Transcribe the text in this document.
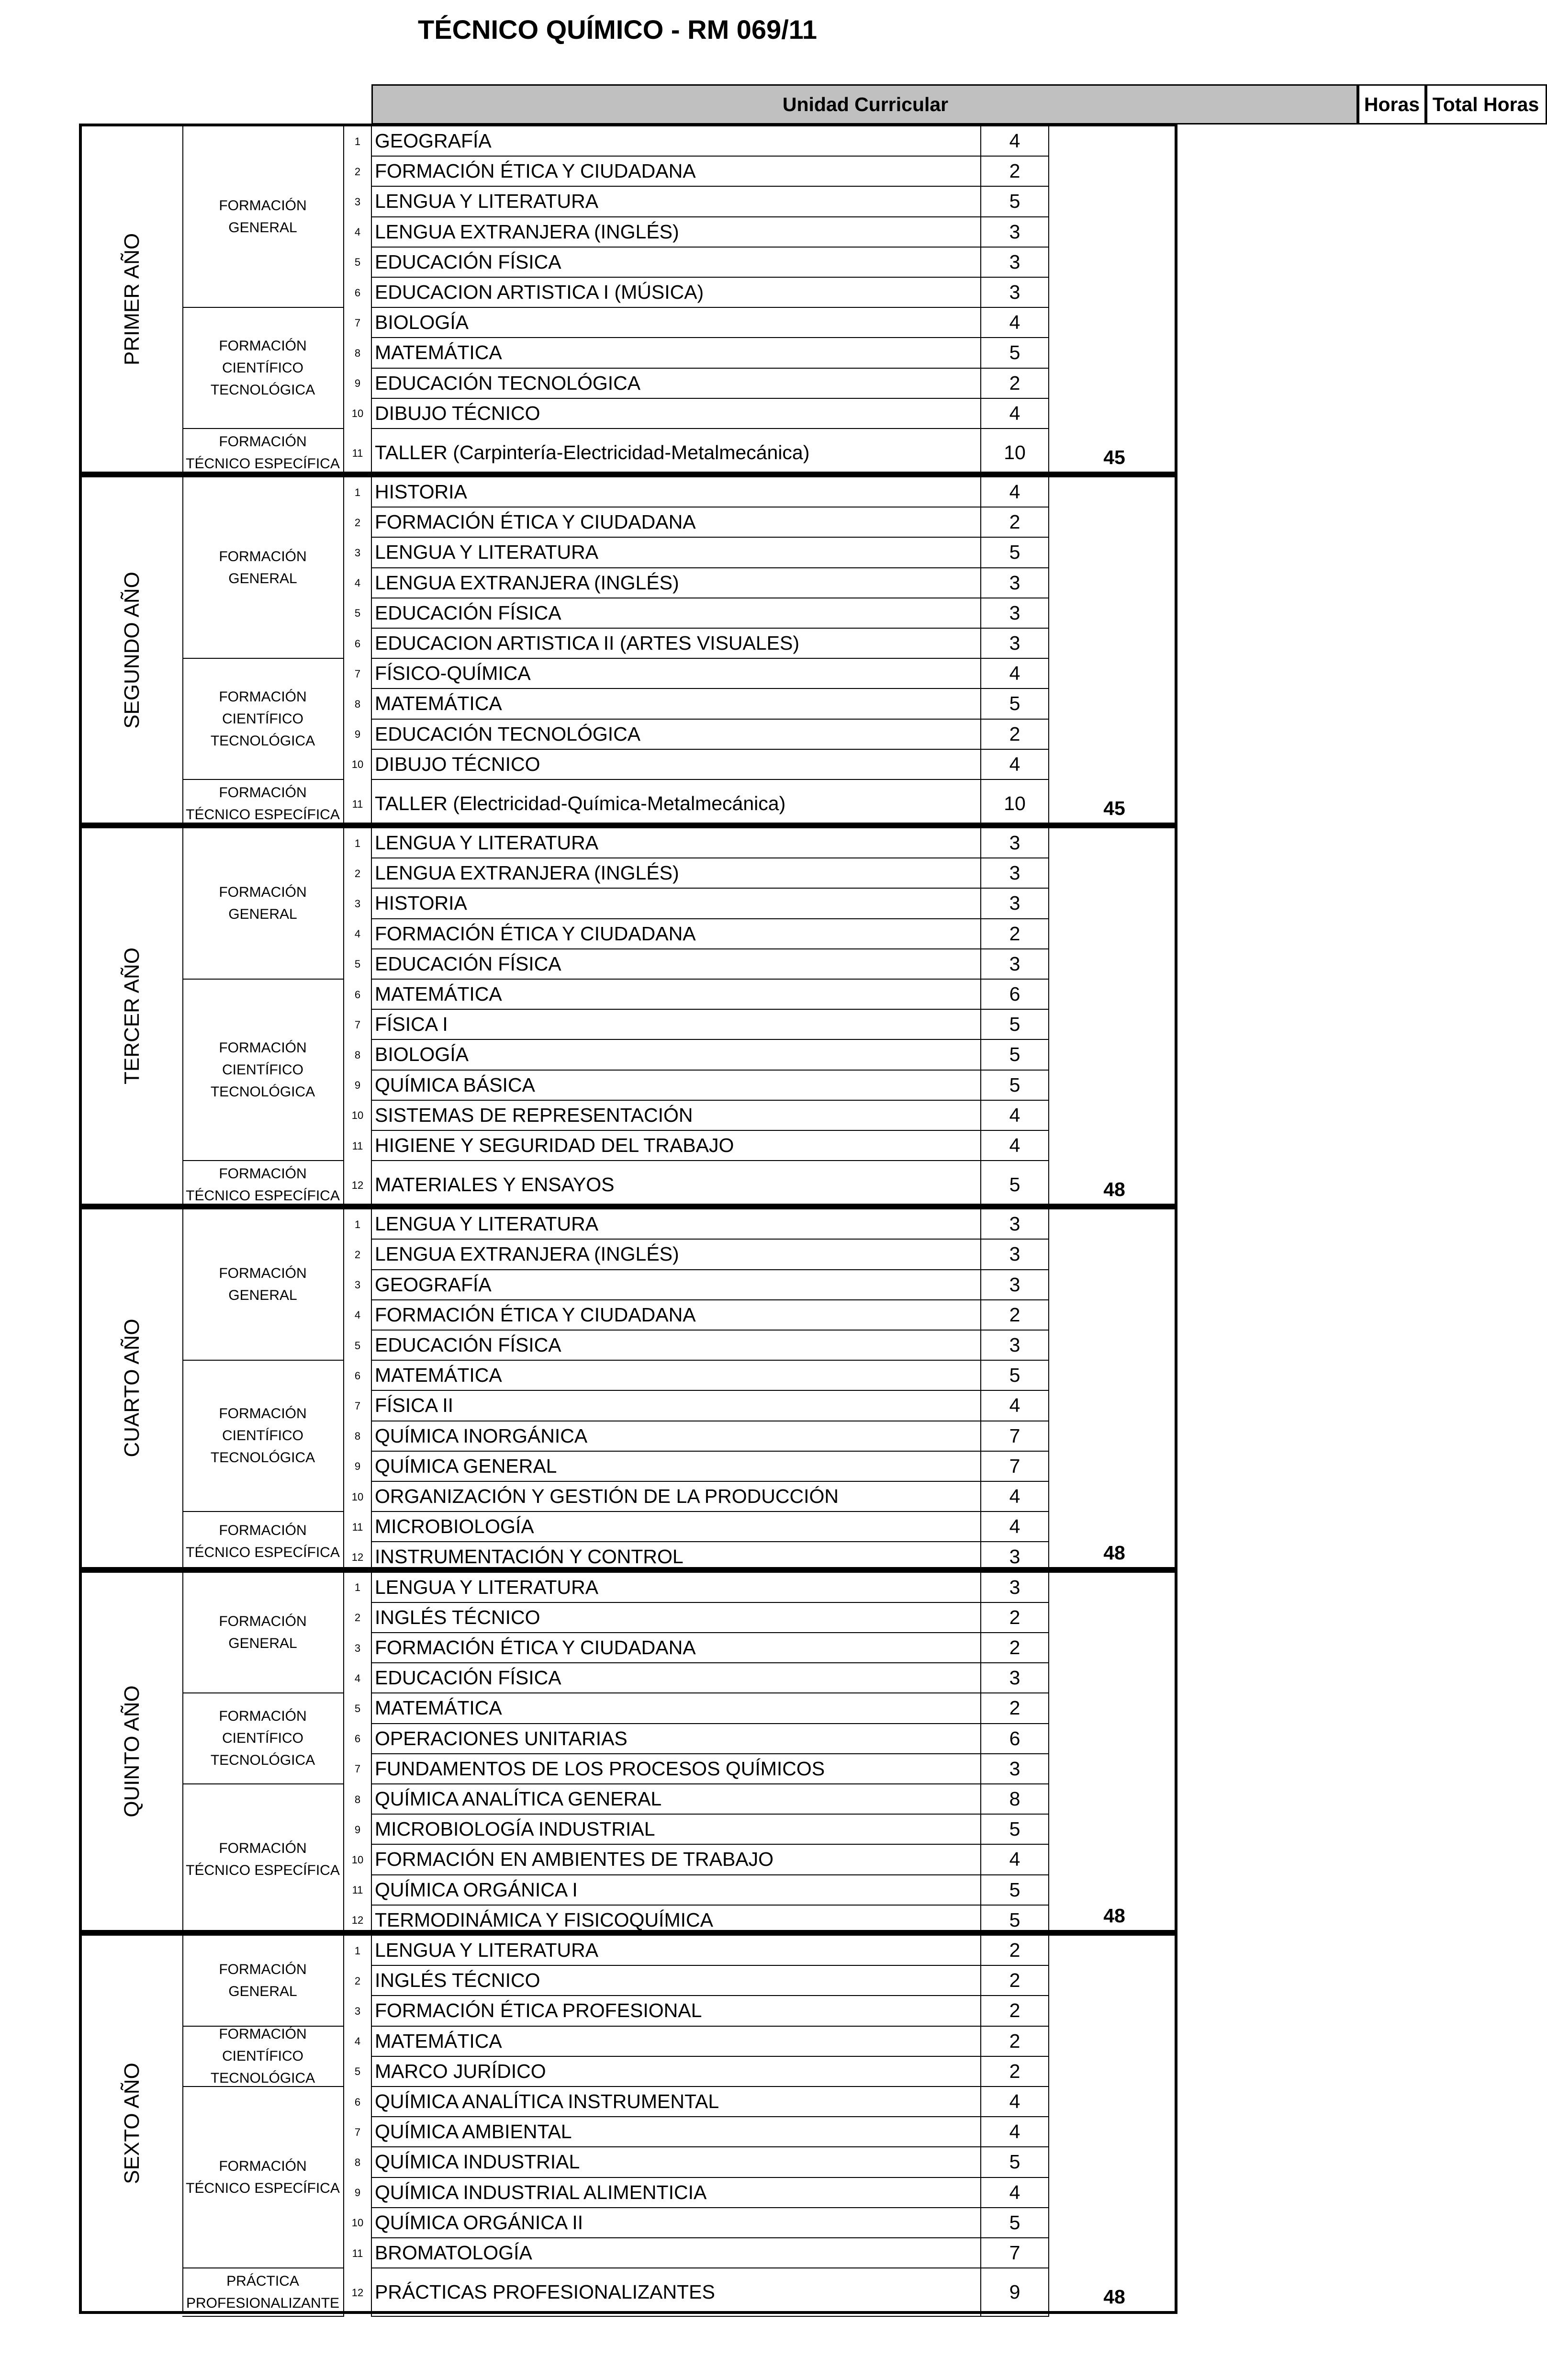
TÉCNICO QUÍMICO - RM 069/11
Unidad Curricular	Horas Total Horas
PRIMER AÑO
FORMACIÓN GENERAL
1 GEOGRAFÍA	4
2 FORMACIÓN ÉTICA Y CIUDADANA	2
3 LENGUA Y LITERATURA	5
4 LENGUA EXTRANJERA (INGLÉS)	3
5 EDUCACIÓN FÍSICA	3
6 EDUCACION ARTISTICA I (MÚSICA)	3
FORMACIÓN CIENTÍFICO TECNOLÓGICA
7 BIOLOGÍA	4
8 MATEMÁTICA	5
9 EDUCACIÓN TECNOLÓGICA	2
10 DIBUJO TÉCNICO	4
FORMACIÓN TÉCNICO ESPECÍFICA
11 TALLER (Carpintería-Electricidad-Metalmecánica)	10	45
SEGUNDO AÑO
FORMACIÓN GENERAL
1 HISTORIA	4
2 FORMACIÓN ÉTICA Y CIUDADANA	2
3 LENGUA Y LITERATURA	5
4 LENGUA EXTRANJERA (INGLÉS)	3
5 EDUCACIÓN FÍSICA	3
6 EDUCACION ARTISTICA II (ARTES VISUALES)	3
FORMACIÓN CIENTÍFICO TECNOLÓGICA
7 FÍSICO-QUÍMICA	4
8 MATEMÁTICA	5
9 EDUCACIÓN TECNOLÓGICA	2
10 DIBUJO TÉCNICO	4
FORMACIÓN TÉCNICO ESPECÍFICA
11 TALLER (Electricidad-Química-Metalmecánica)	10	45
TERCER AÑO
FORMACIÓN GENERAL
1 LENGUA Y LITERATURA	3
2 LENGUA EXTRANJERA (INGLÉS)	3
3 HISTORIA	3
4 FORMACIÓN ÉTICA Y CIUDADANA	2
5 EDUCACIÓN FÍSICA	3
FORMACIÓN CIENTÍFICO TECNOLÓGICA
6 MATEMÁTICA	6
7 FÍSICA I	5
8 BIOLOGÍA	5
9 QUÍMICA BÁSICA	5
10 SISTEMAS DE REPRESENTACIÓN	4
11 HIGIENE Y SEGURIDAD DEL TRABAJO	4
FORMACIÓN TÉCNICO ESPECÍFICA
12 MATERIALES Y ENSAYOS	5	48
CUARTO AÑO
FORMACIÓN GENERAL
1 LENGUA Y LITERATURA	3
2 LENGUA EXTRANJERA (INGLÉS)	3
3 GEOGRAFÍA	3
4 FORMACIÓN ÉTICA Y CIUDADANA	2
5 EDUCACIÓN FÍSICA	3
FORMACIÓN CIENTÍFICO TECNOLÓGICA
6 MATEMÁTICA	5
7 FÍSICA II	4
8 QUÍMICA INORGÁNICA	7
9 QUÍMICA GENERAL	7
10 ORGANIZACIÓN Y GESTIÓN DE LA PRODUCCIÓN	4
FORMACIÓN TÉCNICO ESPECÍFICA
11 MICROBIOLOGÍA	4
12 INSTRUMENTACIÓN Y CONTROL	3	48
QUINTO AÑO
FORMACIÓN GENERAL
1 LENGUA Y LITERATURA	3
2 INGLÉS TÉCNICO	2
3 FORMACIÓN ÉTICA Y CIUDADANA	2
4 EDUCACIÓN FÍSICA	3
FORMACIÓN CIENTÍFICO TECNOLÓGICA
5 MATEMÁTICA	2
6 OPERACIONES UNITARIAS	6
7 FUNDAMENTOS DE LOS PROCESOS QUÍMICOS	3
FORMACIÓN TÉCNICO ESPECÍFICA
8 QUÍMICA ANALÍTICA GENERAL	8
9 MICROBIOLOGÍA INDUSTRIAL	5
10 FORMACIÓN EN AMBIENTES DE TRABAJO	4
11 QUÍMICA ORGÁNICA I	5
12 TERMODINÁMICA Y FISICOQUÍMICA	5	48
SEXTO AÑO
FORMACIÓN GENERAL
1 LENGUA Y LITERATURA	2
2 INGLÉS TÉCNICO	2
3 FORMACIÓN ÉTICA PROFESIONAL	2
FORMACIÓN CIENTÍFICO TECNOLÓGICA
4 MATEMÁTICA	2
5 MARCO JURÍDICO	2
FORMACIÓN TÉCNICO ESPECÍFICA
6 QUÍMICA ANALÍTICA INSTRUMENTAL	4
7 QUÍMICA AMBIENTAL	4
8 QUÍMICA INDUSTRIAL	5
9 QUÍMICA INDUSTRIAL ALIMENTICIA	4
10 QUÍMICA ORGÁNICA II	5
11 BROMATOLOGÍA	7
PRÁCTICA PROFESIONALIZANTE
12 PRÁCTICAS PROFESIONALIZANTES	9	48
